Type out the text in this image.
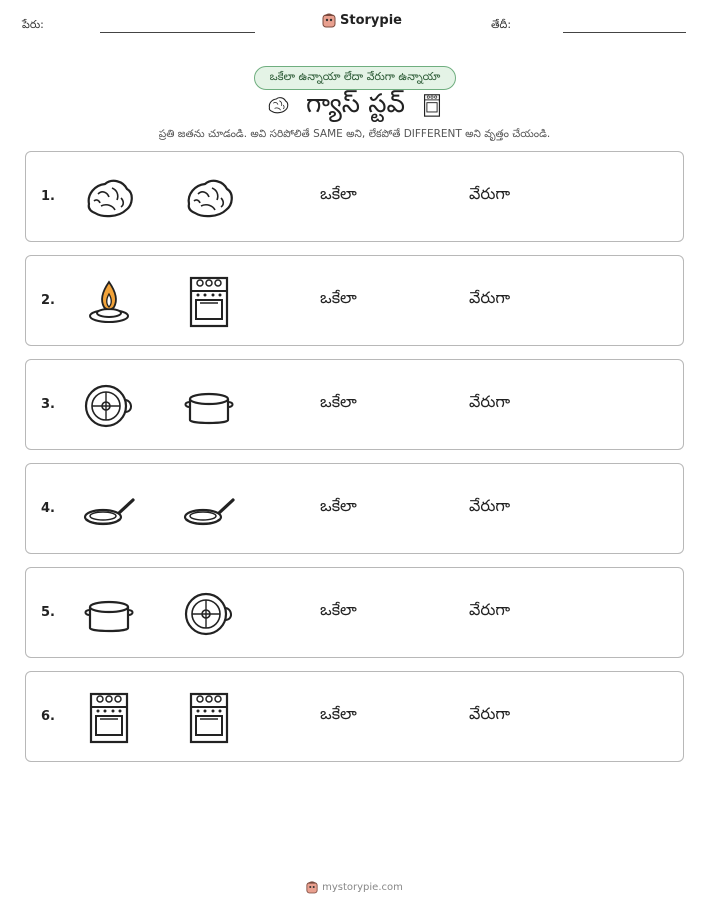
పేరు:	Storypie	తేదీ:
ఒకేలా ఉన్నాయా లేదా వేరుగా ఉన్నాయా
గ్యాస్ స్టవ్
ప్రతి జతను చూడండి. అవి సరిపోలితే SAME అని, లేకపోతే DIFFERENT అని వృత్తం చేయండి.
1.	ఒకేలా	వేరుగా
2.	ఒకేలా	వేరుగా
3.	ఒకేలా	వేరుగా
4.	ఒకేలా	వేరుగా
5.	ఒకేలా	వేరుగా
6.	ఒకేలా	వేరుగా
mystorypie.com
